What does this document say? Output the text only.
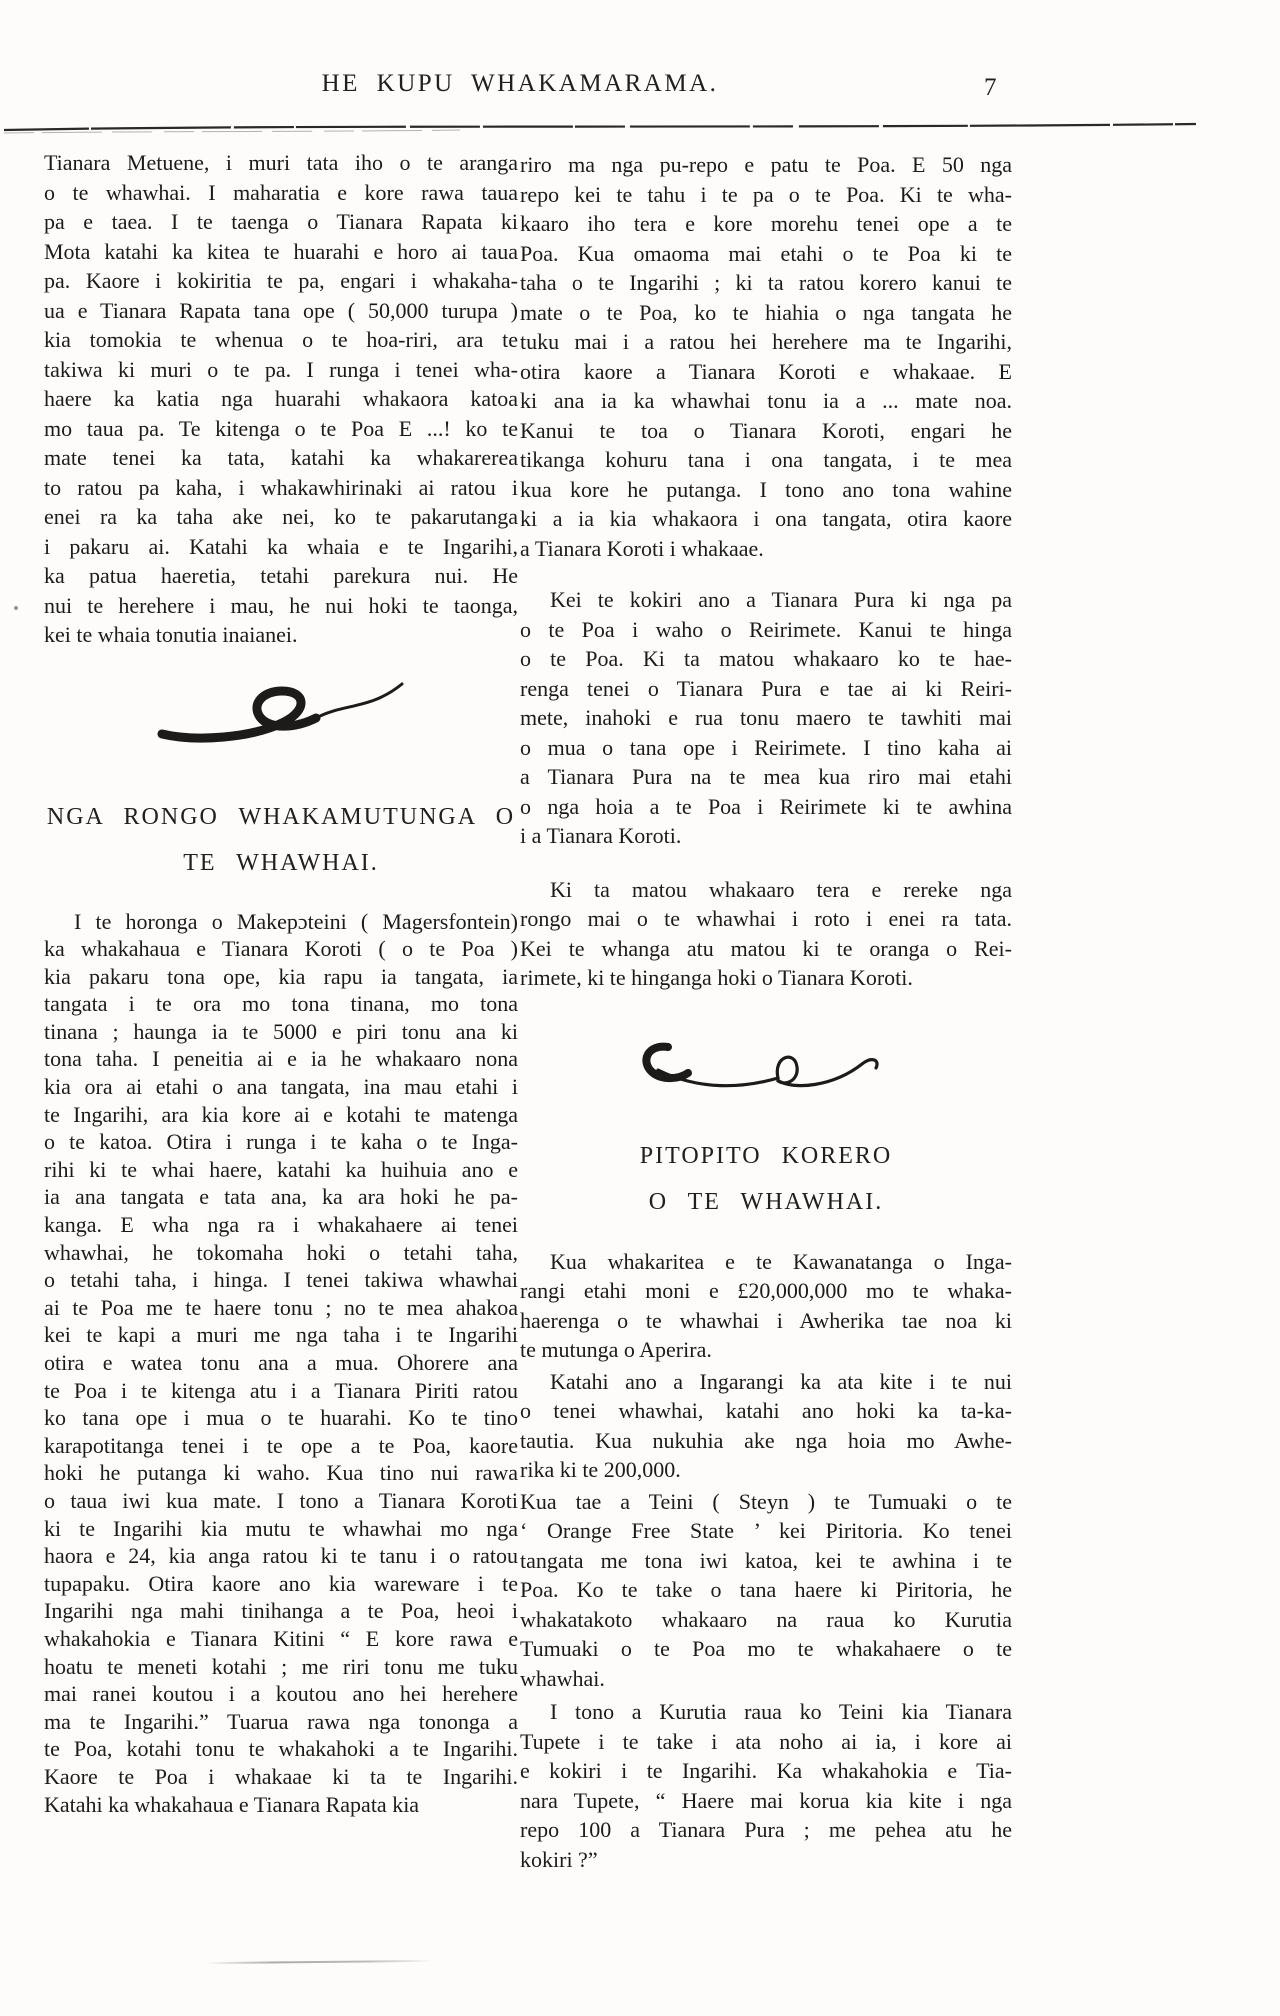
HE KUPU WHAKAMARAMA.	7
Tianara Metuene, i muri tata iho o te aranga
o te whawhai. I maharatia e kore rawa taua
pa e taea. I te taenga o Tianara Rapata ki
Mota katahi ka kitea te huarahi e horo ai taua
pa. Kaore i kokiritia te pa, engari i whakaha-
ua e Tianara Rapata tana ope ( 50,000 turupa )
kia tomokia te whenua o te hoa-riri, ara te
takiwa ki muri o te pa. I runga i tenei wha-
haere ka katia nga huarahi whakaora katoa
mo taua pa. Te kitenga o te Poa E ...! ko te
mate tenei ka tata, katahi ka whakarerea
to ratou pa kaha, i whakawhirinaki ai ratou i
enei ra ka taha ake nei, ko te pakarutanga
i pakaru ai. Katahi ka whaia e te Ingarihi,
ka patua haeretia, tetahi parekura nui. He
nui te herehere i mau, he nui hoki te taonga,
kei te whaia tonutia inaianei.
NGA RONGO WHAKAMUTUNGA O
TE WHAWHAI.
I te horonga o Makepɔteini ( Magersfontein)
ka whakahaua e Tianara Koroti ( o te Poa )
kia pakaru tona ope, kia rapu ia tangata, ia
tangata i te ora mo tona tinana, mo tona
tinana ; haunga ia te 5000 e piri tonu ana ki
tona taha. I peneitia ai e ia he whakaaro nona
kia ora ai etahi o ana tangata, ina mau etahi i
te Ingarihi, ara kia kore ai e kotahi te matenga
o te katoa. Otira i runga i te kaha o te Inga-
rihi ki te whai haere, katahi ka huihuia ano e
ia ana tangata e tata ana, ka ara hoki he pa-
kanga. E wha nga ra i whakahaere ai tenei
whawhai, he tokomaha hoki o tetahi taha,
o tetahi taha, i hinga. I tenei takiwa whawhai
ai te Poa me te haere tonu ; no te mea ahakoa
kei te kapi a muri me nga taha i te Ingarihi
otira e watea tonu ana a mua. Ohorere ana
te Poa i te kitenga atu i a Tianara Piriti ratou
ko tana ope i mua o te huarahi. Ko te tino
karapotitanga tenei i te ope a te Poa, kaore
hoki he putanga ki waho. Kua tino nui rawa
o taua iwi kua mate. I tono a Tianara Koroti
ki te Ingarihi kia mutu te whawhai mo nga
haora e 24, kia anga ratou ki te tanu i o ratou
tupapaku. Otira kaore ano kia wareware i te
Ingarihi nga mahi tinihanga a te Poa, heoi i
whakahokia e Tianara Kitini “ E kore rawa e
hoatu te meneti kotahi ; me riri tonu me tuku
mai ranei koutou i a koutou ano hei herehere
ma te Ingarihi.” Tuarua rawa nga tononga a
te Poa, kotahi tonu te whakahoki a te Ingarihi.
Kaore te Poa i whakaae ki ta te Ingarihi.
Katahi ka whakahaua e Tianara Rapata kia
riro ma nga pu-repo e patu te Poa. E 50 nga
repo kei te tahu i te pa o te Poa. Ki te wha-
kaaro iho tera e kore morehu tenei ope a te
Poa. Kua omaoma mai etahi o te Poa ki te
taha o te Ingarihi ; ki ta ratou korero kanui te
mate o te Poa, ko te hiahia o nga tangata he
tuku mai i a ratou hei herehere ma te Ingarihi,
otira kaore a Tianara Koroti e whakaae. E
ki ana ia ka whawhai tonu ia a ... mate noa.
Kanui te toa o Tianara Koroti, engari he
tikanga kohuru tana i ona tangata, i te mea
kua kore he putanga. I tono ano tona wahine
ki a ia kia whakaora i ona tangata, otira kaore
a Tianara Koroti i whakaae.
Kei te kokiri ano a Tianara Pura ki nga pa
o te Poa i waho o Reirimete. Kanui te hinga
o te Poa. Ki ta matou whakaaro ko te hae-
renga tenei o Tianara Pura e tae ai ki Reiri-
mete, inahoki e rua tonu maero te tawhiti mai
o mua o tana ope i Reirimete. I tino kaha ai
a Tianara Pura na te mea kua riro mai etahi
o nga hoia a te Poa i Reirimete ki te awhina
i a Tianara Koroti.
Ki ta matou whakaaro tera e rereke nga
rongo mai o te whawhai i roto i enei ra tata.
Kei te whanga atu matou ki te oranga o Rei-
rimete, ki te hinganga hoki o Tianara Koroti.
PITOPITO KORERO
O TE WHAWHAI.
Kua whakaritea e te Kawanatanga o Inga-
rangi etahi moni e £20,000,000 mo te whaka-
haerenga o te whawhai i Awherika tae noa ki
te mutunga o Aperira.
Katahi ano a Ingarangi ka ata kite i te nui
o tenei whawhai, katahi ano hoki ka ta-ka-
tautia. Kua nukuhia ake nga hoia mo Awhe-
rika ki te 200,000.
Kua tae a Teini ( Steyn ) te Tumuaki o te
‘ Orange Free State ’ kei Piritoria. Ko tenei
tangata me tona iwi katoa, kei te awhina i te
Poa. Ko te take o tana haere ki Piritoria, he
whakatakoto whakaaro na raua ko Kurutia
Tumuaki o te Poa mo te whakahaere o te
whawhai.
I tono a Kurutia raua ko Teini kia Tianara
Tupete i te take i ata noho ai ia, i kore ai
e kokiri i te Ingarihi. Ka whakahokia e Tia-
nara Tupete, “ Haere mai korua kia kite i nga
repo 100 a Tianara Pura ; me pehea atu he
kokiri ?”
